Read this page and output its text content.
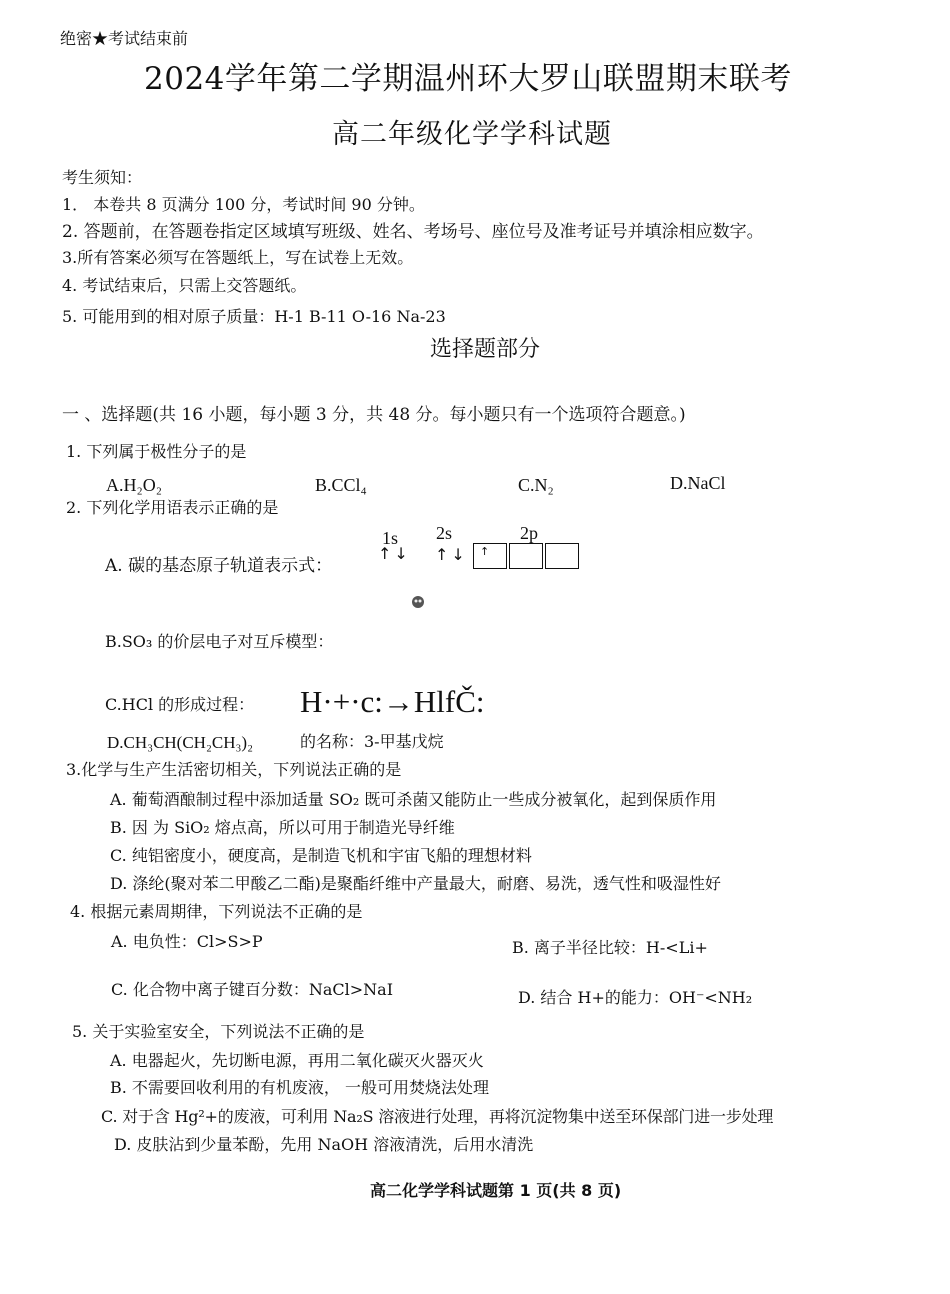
绝密★考试结束前
2024学年第二学期温州环大罗山联盟期末联考
高二年级化学学科试题
考生须知：
1． 本卷共 8 页满分 100 分，考试时间 90 分钟。
2. 答题前，在答题卷指定区域填写班级、姓名、考场号、座位号及准考证号并填涂相应数字。
3.所有答案必须写在答题纸上，写在试卷上无效。
4. 考试结束后，只需上交答题纸。
5. 可能用到的相对原子质量：H-1 B-11 O-16 Na-23
选择题部分
一 、选择题(共 16 小题，每小题 3 分，共 48 分。每小题只有一个选项符合题意。)
1. 下列属于极性分子的是
A.H₂O₂	B.CCl₄	C.N₂	D.NaCl
2. 下列化学用语表示正确的是
A. 碳的基态原子轨道表示式：
1s 2s	2p
↑↓ ↑↓ ↑
B.SO₃ 的价层电子对互斥模型：
C.HCl 的形成过程： H·+·c:→HlfČ:
D.CH₃CH(CH₂CH₃)₂	的名称：3-甲基戊烷
3.化学与生产生活密切相关，下列说法正确的是
A. 葡萄酒酿制过程中添加适量 SO₂ 既可杀菌又能防止一些成分被氧化，起到保质作用
B. 因 为 SiO₂ 熔点高，所以可用于制造光导纤维
C. 纯铝密度小，硬度高，是制造飞机和宇宙飞船的理想材料
D. 涤纶(聚对苯二甲酸乙二酯)是聚酯纤维中产量最大，耐磨、易洗，透气性和吸湿性好
4. 根据元素周期律，下列说法不正确的是
A. 电负性：Cl>S>P	B. 离子半径比较：H-<Li+
C. 化合物中离子键百分数：NaCl>NaI	D. 结合 H+的能力：OH⁻<NH₂
5. 关于实验室安全，下列说法不正确的是
A. 电器起火，先切断电源，再用二氧化碳灭火器灭火
B. 不需要回收利用的有机废液， 一般可用焚烧法处理
C. 对于含 Hg²+的废液，可利用 Na₂S 溶液进行处理，再将沉淀物集中送至环保部门进一步处理
D. 皮肤沾到少量苯酚，先用 NaOH 溶液清洗，后用水清洗
高二化学学科试题第 1 页(共 8 页)
